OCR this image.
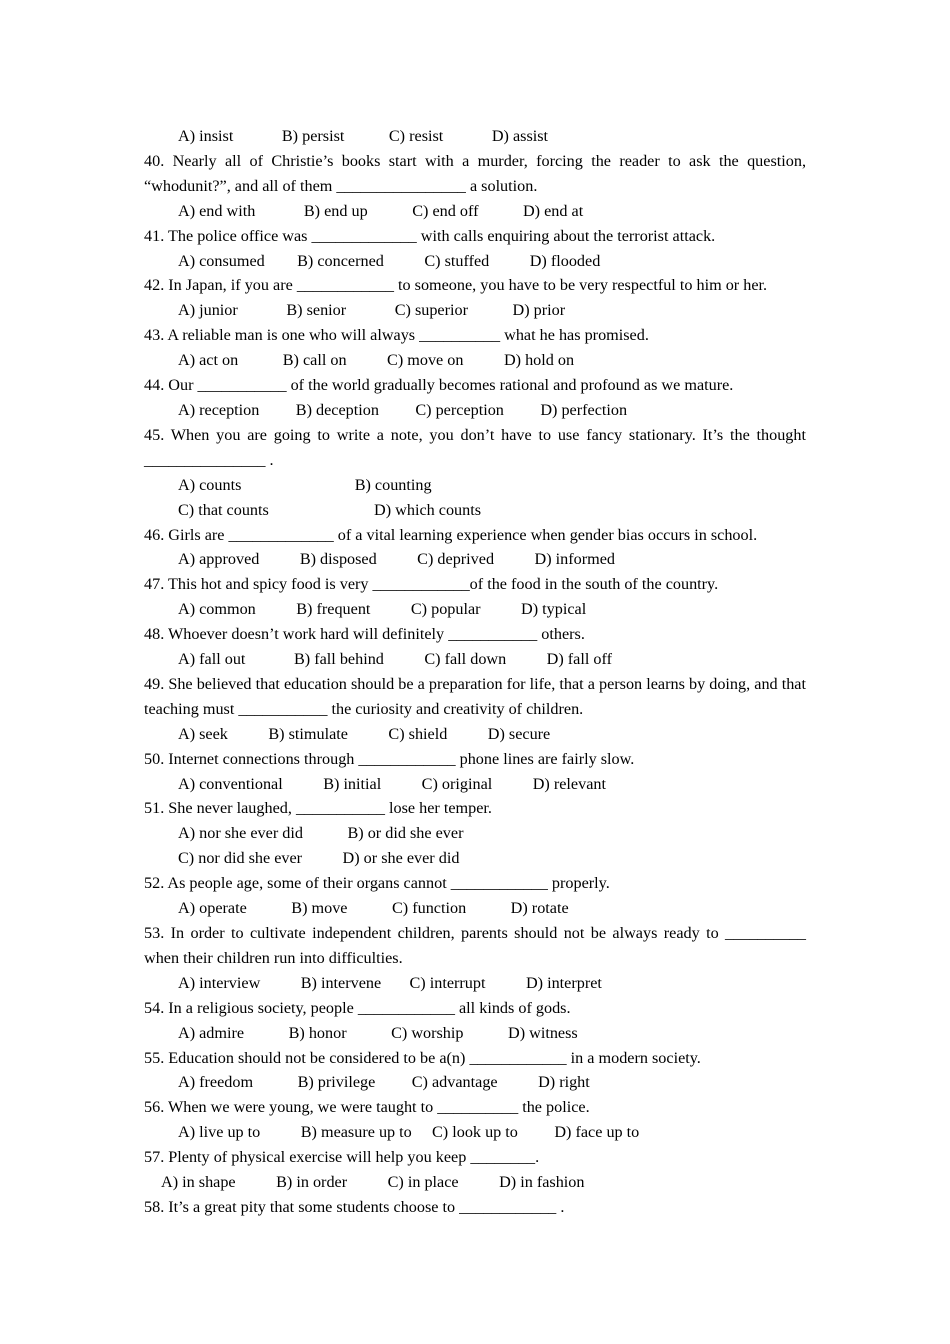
A) insist            B) persist           C) resist            D) assist
40. Nearly all of Christie’s books start with a murder, forcing the reader to ask the question, “whodunit?”, and all of them ________________ a solution.
A) end with            B) end up           C) end off           D) end at
41. The police office was _____________ with calls enquiring about the terrorist attack.
A) consumed        B) concerned          C) stuffed          D) flooded
42. In Japan, if you are ____________ to someone, you have to be very respectful to him or her.
A) junior            B) senior            C) superior           D) prior
43. A reliable man is one who will always __________ what he has promised.
A) act on           B) call on          C) move on          D) hold on
44. Our ___________ of the world gradually becomes rational and profound as we mature.
A) reception         B) deception         C) perception         D) perfection
45. When you are going to write a note, you don’t have to use fancy stationary. It’s the thought _______________ .
A) counts                            B) counting
C) that counts                          D) which counts
46. Girls are _____________ of a vital learning experience when gender bias occurs in school.
A) approved          B) disposed          C) deprived          D) informed
47. This hot and spicy food is very ____________of the food in the south of the country.
A) common          B) frequent          C) popular          D) typical
48. Whoever doesn’t work hard will definitely ___________ others.
A) fall out            B) fall behind          C) fall down          D) fall off
49. She believed that education should be a preparation for life, that a person learns by doing, and that teaching must ___________ the curiosity and creativity of children.
A) seek          B) stimulate          C) shield          D) secure
50. Internet connections through ____________ phone lines are fairly slow.
A) conventional          B) initial          C) original          D) relevant
51. She never laughed, ___________ lose her temper.
A) nor she ever did           B) or did she ever
C) nor did she ever          D) or she ever did
52. As people age, some of their organs cannot ____________ properly.
A) operate           B) move           C) function           D) rotate
53. In order to cultivate independent children, parents should not be always ready to __________ when their children run into difficulties.
A) interview          B) intervene       C) interrupt          D) interpret
54. In a religious society, people ____________ all kinds of gods.
A) admire           B) honor           C) worship           D) witness
55. Education should not be considered to be a(n) ____________ in a modern society.
A) freedom           B) privilege         C) advantage          D) right
56. When we were young, we were taught to __________ the police.
A) live up to          B) measure up to     C) look up to         D) face up to
57. Plenty of physical exercise will help you keep ________.
A) in shape          B) in order          C) in place          D) in fashion
58. It’s a great pity that some students choose to ____________ .
